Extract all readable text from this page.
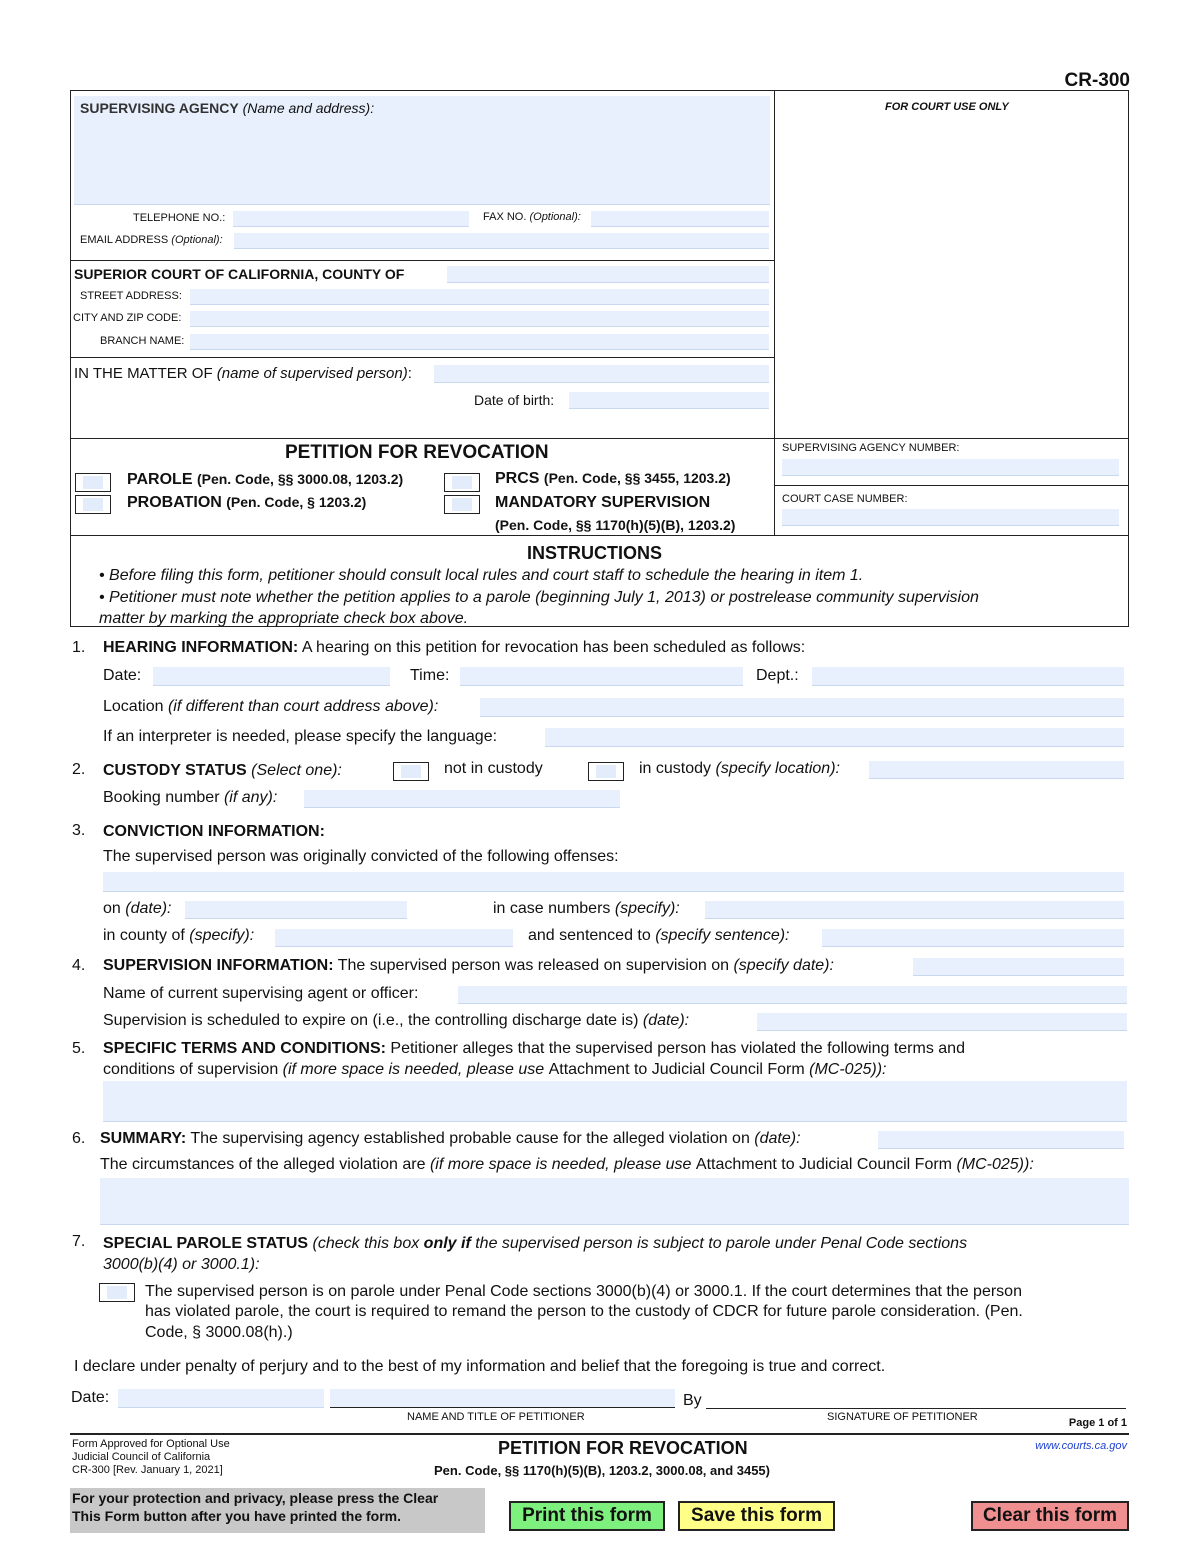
CR-300
SUPERVISING AGENCY (Name and address):
TELEPHONE NO.:	FAX NO. (Optional):
EMAIL ADDRESS (Optional):
SUPERIOR COURT OF CALIFORNIA, COUNTY OF
STREET ADDRESS:
CITY AND ZIP CODE:
BRANCH NAME:
IN THE MATTER OF (name of supervised person):
Date of birth:
FOR COURT USE ONLY
PETITION FOR REVOCATION
PAROLE (Pen. Code, §§ 3000.08, 1203.2)
PROBATION (Pen. Code, § 1203.2)
PRCS (Pen. Code, §§ 3455, 1203.2)
MANDATORY SUPERVISION
(Pen. Code, §§ 1170(h)(5)(B), 1203.2)
SUPERVISING AGENCY NUMBER:
COURT CASE NUMBER:
INSTRUCTIONS
• Before filing this form, petitioner should consult local rules and court staff to schedule the hearing in item 1.
• Petitioner must note whether the petition applies to a parole (beginning July 1, 2013) or postrelease community supervision
matter by marking the appropriate check box above.
1. HEARING INFORMATION: A hearing on this petition for revocation has been scheduled as follows:
Date:	Time:	Dept.:
Location (if different than court address above):
If an interpreter is needed, please specify the language:
2. CUSTODY STATUS (Select one):	not in custody	in custody (specify location):
Booking number (if any):
3. CONVICTION INFORMATION:
The supervised person was originally convicted of the following offenses:
on (date):	in case numbers (specify):
in county of (specify):	and sentenced to (specify sentence):
4. SUPERVISION INFORMATION: The supervised person was released on supervision on (specify date):
Name of current supervising agent or officer:
Supervision is scheduled to expire on (i.e., the controlling discharge date is) (date):
5. SPECIFIC TERMS AND CONDITIONS: Petitioner alleges that the supervised person has violated the following terms and
conditions of supervision (if more space is needed, please use Attachment to Judicial Council Form (MC-025)):
6. SUMMARY: The supervising agency established probable cause for the alleged violation on (date):
The circumstances of the alleged violation are (if more space is needed, please use Attachment to Judicial Council Form (MC-025)):
7. SPECIAL PAROLE STATUS (check this box only if the supervised person is subject to parole under Penal Code sections
3000(b)(4) or 3000.1):
The supervised person is on parole under Penal Code sections 3000(b)(4) or 3000.1. If the court determines that the person
has violated parole, the court is required to remand the person to the custody of CDCR for future parole consideration. (Pen.
Code, § 3000.08(h).)
I declare under penalty of perjury and to the best of my information and belief that the foregoing is true and correct.
Date:	By
NAME AND TITLE OF PETITIONER	SIGNATURE OF PETITIONER	Page 1 of 1
Form Approved for Optional Use
Judicial Council of California
CR-300 [Rev. January 1, 2021]
PETITION FOR REVOCATION
Pen. Code, §§ 1170(h)(5)(B), 1203.2, 3000.08, and 3455)
www.courts.ca.gov
For your protection and privacy, please press the Clear
This Form button after you have printed the form.	Print this form	Save this form	Clear this form
